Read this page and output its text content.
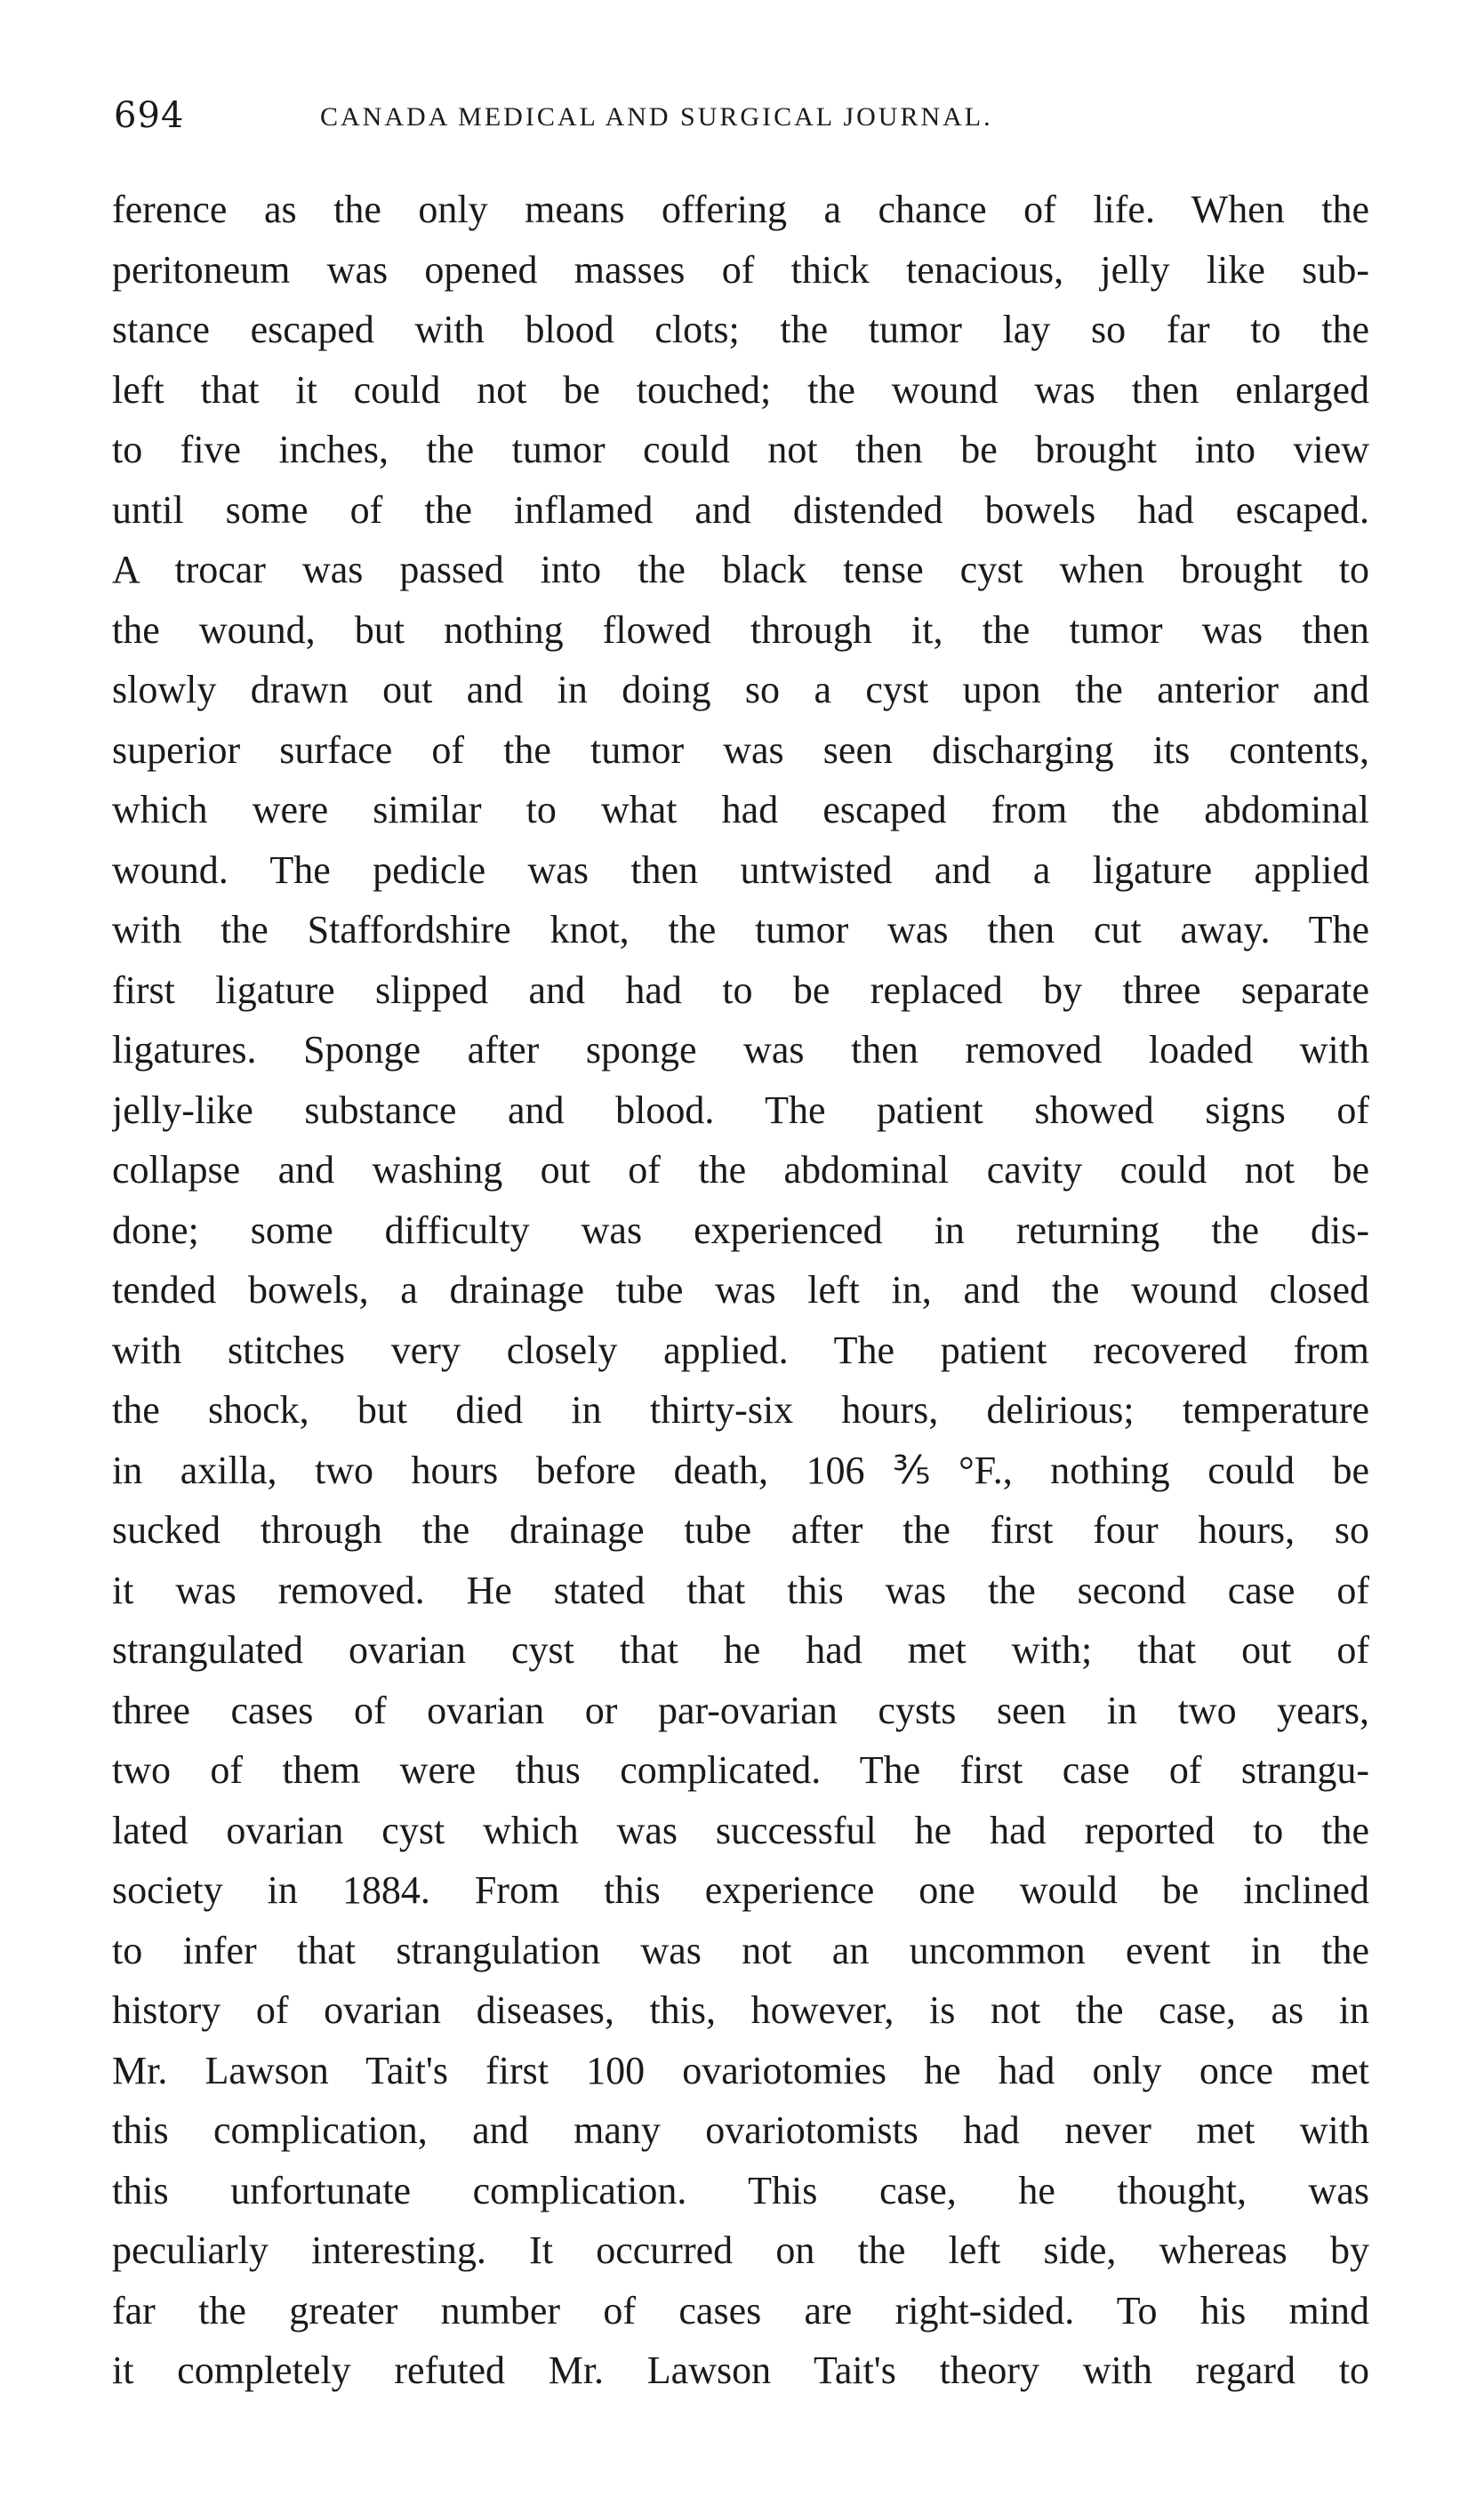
694	CANADA MEDICAL AND SURGICAL JOURNAL.
ference as the only means offering a chance of life. When the
peritoneum was opened masses of thick tenacious, jelly like sub-
stance escaped with blood clots; the tumor lay so far to the
left that it could not be touched; the wound was then enlarged
to five inches, the tumor could not then be brought into view
until some of the inflamed and distended bowels had escaped.
A trocar was passed into the black tense cyst when brought to
the wound, but nothing flowed through it, the tumor was then
slowly drawn out and in doing so a cyst upon the anterior and
superior surface of the tumor was seen discharging its contents,
which were similar to what had escaped from the abdominal
wound. The pedicle was then untwisted and a ligature applied
with the Staffordshire knot, the tumor was then cut away. The
first ligature slipped and had to be replaced by three separate
ligatures. Sponge after sponge was then removed loaded with
jelly-like substance and blood. The patient showed signs of
collapse and washing out of the abdominal cavity could not be
done; some difficulty was experienced in returning the dis-
tended bowels, a drainage tube was left in, and the wound closed
with stitches very closely applied. The patient recovered from
the shock, but died in thirty-six hours, delirious; temperature
in axilla, two hours before death, 106⅗°F., nothing could be
sucked through the drainage tube after the first four hours, so
it was removed. He stated that this was the second case of
strangulated ovarian cyst that he had met with; that out of
three cases of ovarian or par-ovarian cysts seen in two years,
two of them were thus complicated. The first case of strangu-
lated ovarian cyst which was successful he had reported to the
society in 1884. From this experience one would be inclined
to infer that strangulation was not an uncommon event in the
history of ovarian diseases, this, however, is not the case, as in
Mr. Lawson Tait's first 100 ovariotomies he had only once met
this complication, and many ovariotomists had never met with
this unfortunate complication. This case, he thought, was
peculiarly interesting. It occurred on the left side, whereas by
far the greater number of cases are right-sided. To his mind
it completely refuted Mr. Lawson Tait's theory with regard to
